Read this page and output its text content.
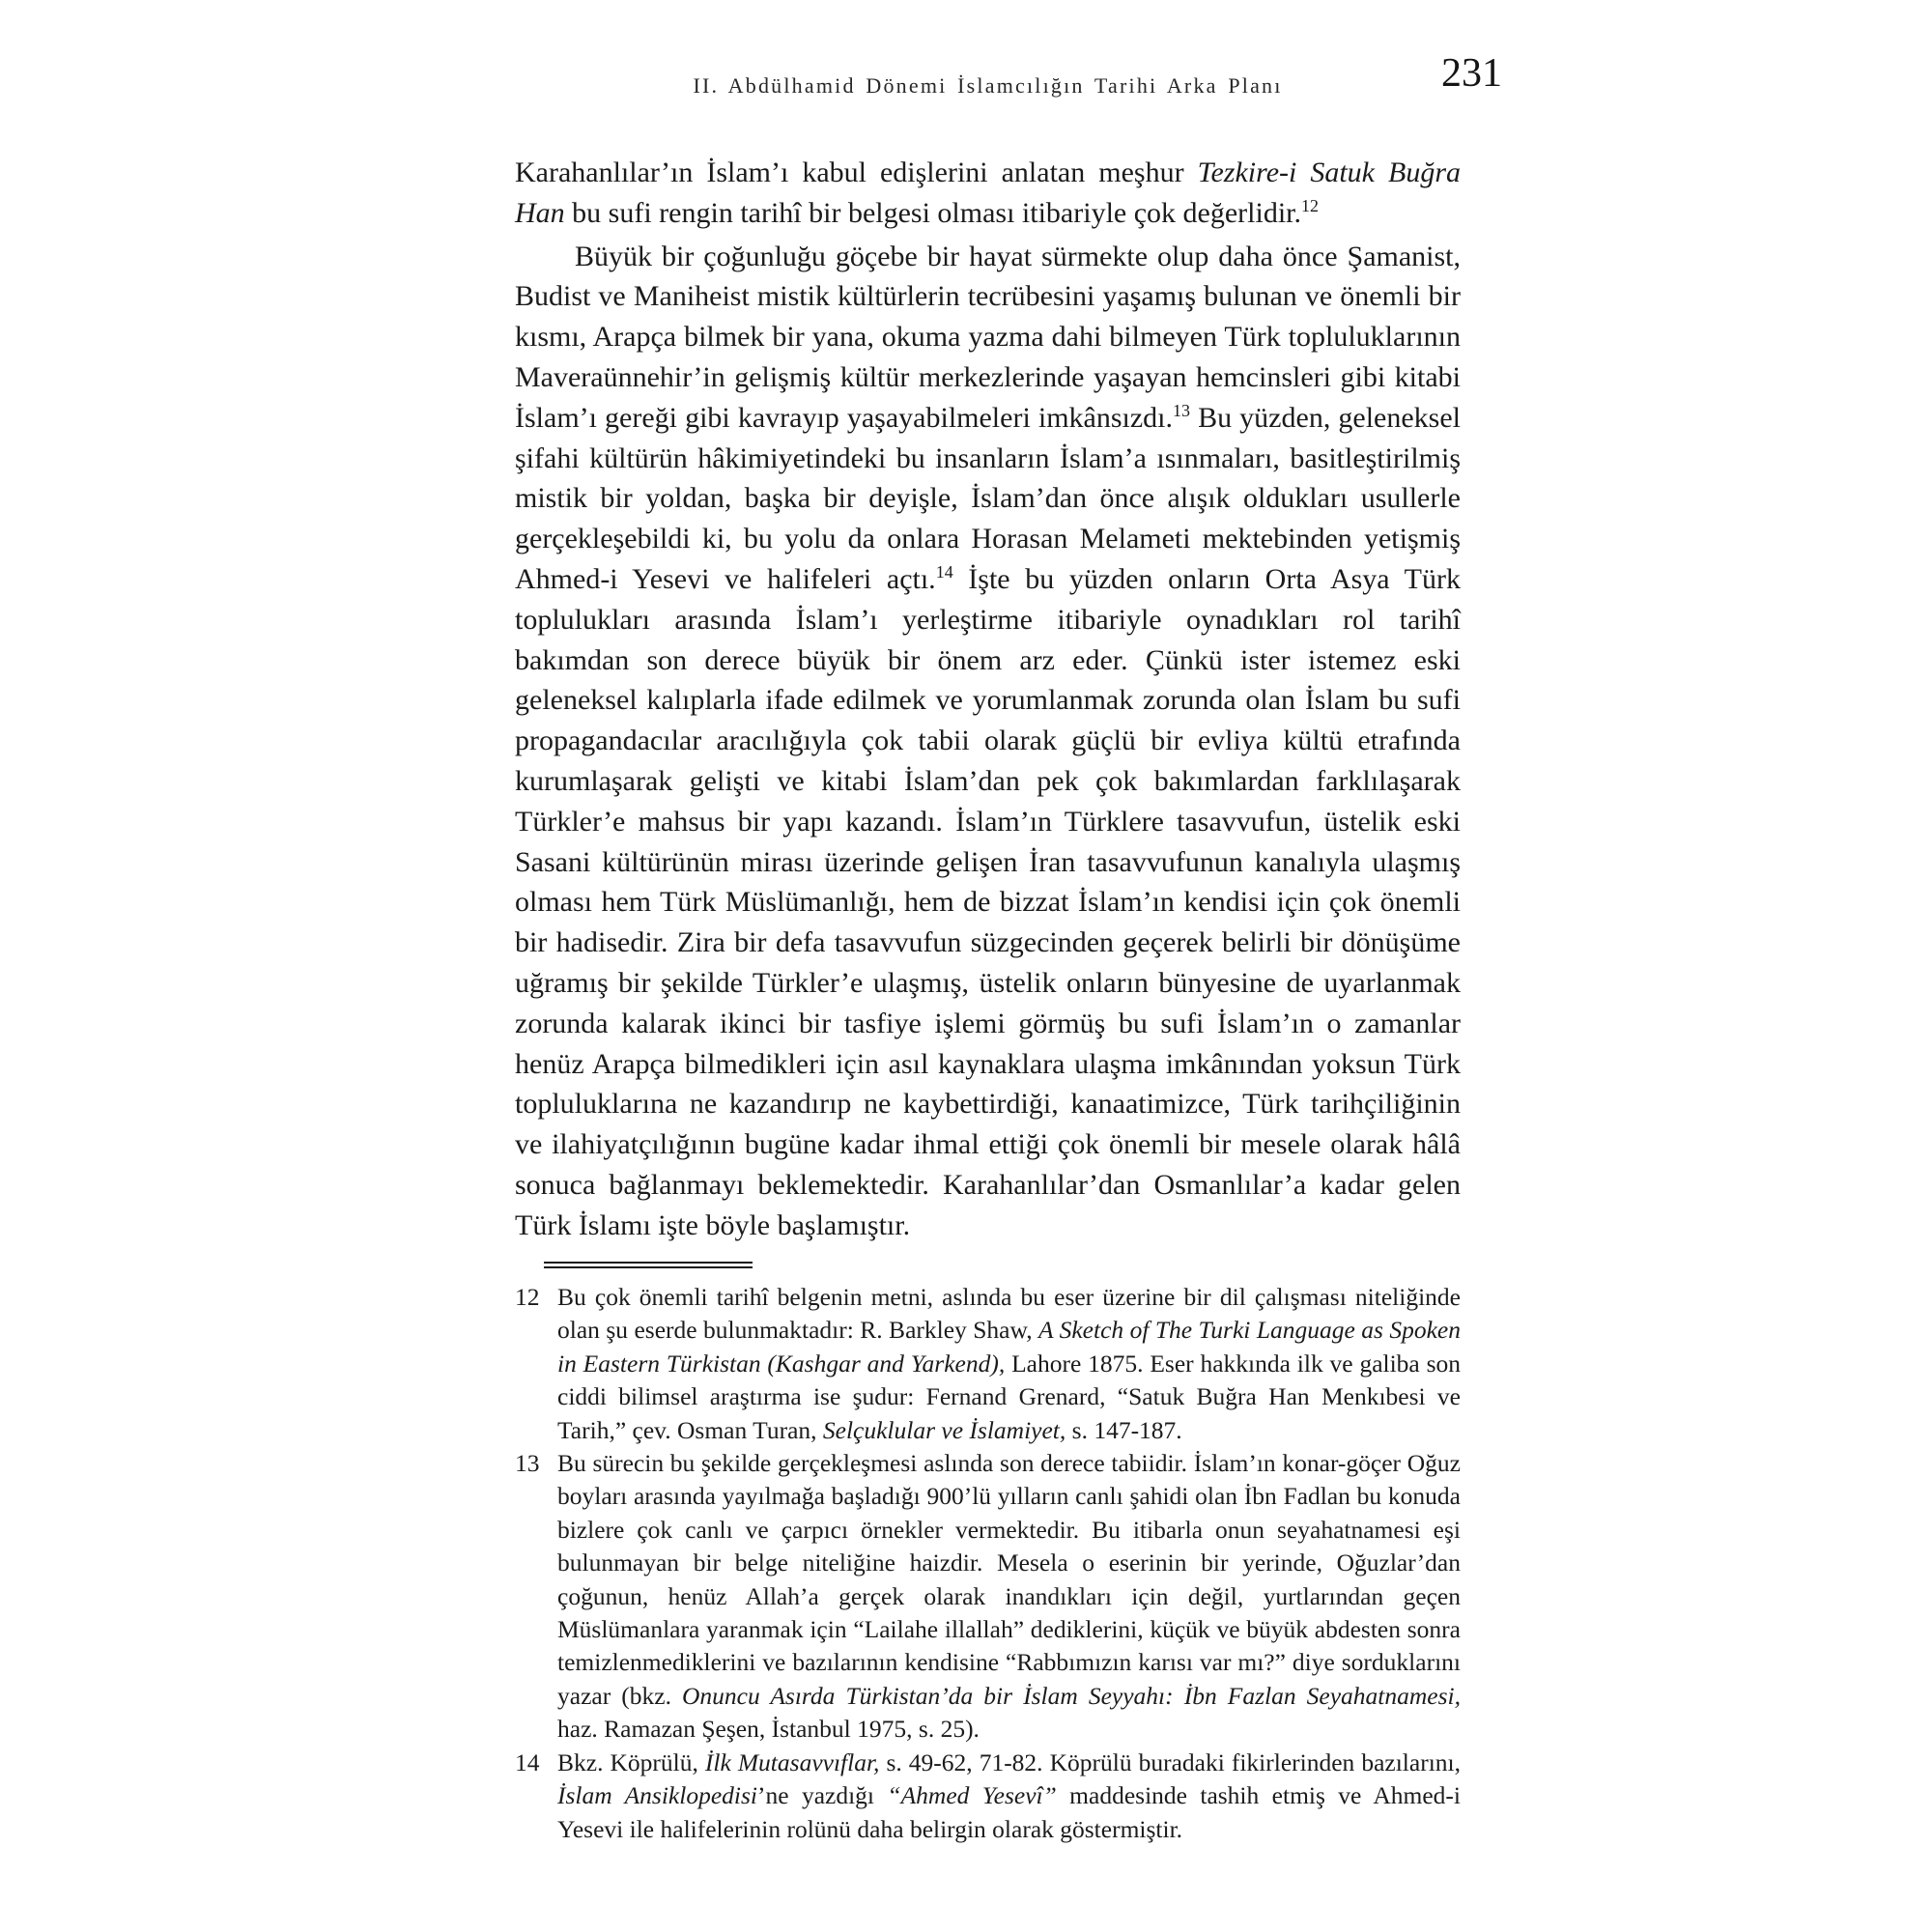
II. Abdülhamid Dönemi İslamcılığın Tarihi Arka Planı	231

Karahanlılar’ın İslam’ı kabul edişlerini anlatan meşhur Tezkire-i Satuk Buğra Han bu sufi rengin tarihî bir belgesi olması itibariyle çok değerlidir.$^{12}$

Büyük bir çoğunluğu göçebe bir hayat sürmekte olup daha önce Şamanist, Budist ve Maniheist mistik kültürlerin tecrübesini yaşamış bulunan ve önemli bir kısmı, Arapça bilmek bir yana, okuma yazma dahi bilmeyen Türk topluluklarının Maveraünnehir’in gelişmiş kültür merkezlerinde yaşayan hemcinsleri gibi kitabi İslam’ı gereği gibi kavrayıp yaşayabilmeleri imkânsızdı.$^{13}$ Bu yüzden, geleneksel şifahi kültürün hâkimiyetindeki bu insanların İslam’a ısınmaları, basitleştirilmiş mistik bir yoldan, başka bir deyişle, İslam’dan önce alışık oldukları usullerle gerçekleşebildi ki, bu yolu da onlara Horasan Melameti mektebinden yetişmiş Ahmed-i Yesevi ve halifeleri açtı.$^{14}$ İşte bu yüzden onların Orta Asya Türk toplulukları arasında İslam’ı yerleştirme itibariyle oynadıkları rol tarihî bakımdan son derece büyük bir önem arz eder. Çünkü ister istemez eski geleneksel kalıplarla ifade edilmek ve yorumlanmak zorunda olan İslam bu sufi propagandacılar aracılığıyla çok tabii olarak güçlü bir evliya kültü etrafında kurumlaşarak gelişti ve kitabi İslam’dan pek çok bakımlardan farklılaşarak Türkler’e mahsus bir yapı kazandı. İslam’ın Türklere tasavvufun, üstelik eski Sasani kültürünün mirası üzerinde gelişen İran tasavvufunun kanalıyla ulaşmış olması hem Türk Müslümanlığı, hem de bizzat İslam’ın kendisi için çok önemli bir hadisedir. Zira bir defa tasavvufun süzgecinden geçerek belirli bir dönüşüme uğramış bir şekilde Türkler’e ulaşmış, üstelik onların bünyesine de uyarlanmak zorunda kalarak ikinci bir tasfiye işlemi görmüş bu sufi İslam’ın o zamanlar henüz Arapça bilmedikleri için asıl kaynaklara ulaşma imkânından yoksun Türk topluluklarına ne kazandırıp ne kaybettirdiği, kanaatimizce, Türk tarihçiliğinin ve ilahiyatçılığının bugüne kadar ihmal ettiği çok önemli bir mesele olarak hâlâ sonuca bağlanmayı beklemektedir. Karahanlılar’dan Osmanlılar’a kadar gelen Türk İslamı işte böyle başlamıştır.

12 Bu çok önemli tarihî belgenin metni, aslında bu eser üzerine bir dil çalışması niteliğinde olan şu eserde bulunmaktadır: R. Barkley Shaw, A Sketch of The Turki Language as Spoken in Eastern Türkistan (Kashgar and Yarkend), Lahore 1875. Eser hakkında ilk ve galiba son ciddi bilimsel araştırma ise şudur: Fernand Grenard, “Satuk Buğra Han Menkıbesi ve Tarih,” çev. Osman Turan, Selçuklular ve İslamiyet, s. 147-187.
13 Bu sürecin bu şekilde gerçekleşmesi aslında son derece tabiidir. İslam’ın konar-göçer Oğuz boyları arasında yayılmağa başladığı 900’lü yılların canlı şahidi olan İbn Fadlan bu konuda bizlere çok canlı ve çarpıcı örnekler vermektedir. Bu itibarla onun seyahatnamesi eşi bulunmayan bir belge niteliğine haizdir. Mesela o eserinin bir yerinde, Oğuzlar’dan çoğunun, henüz Allah’a gerçek olarak inandıkları için değil, yurtlarından geçen Müslümanlara yaranmak için “Lailahe illallah” dediklerini, küçük ve büyük abdesten sonra temizlenmediklerini ve bazılarının kendisine “Rabbımızın karısı var mı?” diye sorduklarını yazar (bkz. Onuncu Asırda Türkistan’da bir İslam Seyyahı: İbn Fazlan Seyahatnamesi, haz. Ramazan Şeşen, İstanbul 1975, s. 25).
14 Bkz. Köprülü, İlk Mutasavvıflar, s. 49-62, 71-82. Köprülü buradaki fikirlerinden bazılarını, İslam Ansiklopedisi’ne yazdığı “Ahmed Yesevî” maddesinde tashih etmiş ve Ahmed-i Yesevi ile halifelerinin rolünü daha belirgin olarak göstermiştir.
